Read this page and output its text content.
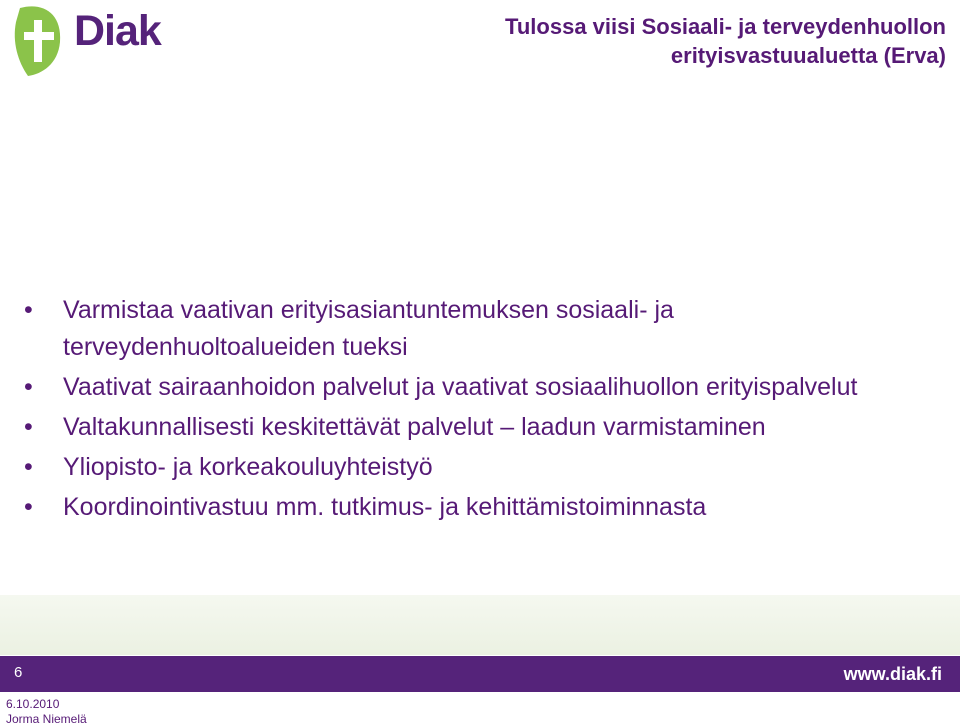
Diak	Tulossa viisi Sosiaali- ja terveydenhuollon
erityisvastuualuetta (Erva)
• Varmistaa vaativan erityisasiantuntemuksen sosiaali- ja terveydenhuoltoalueiden tueksi
• Vaativat sairaanhoidon palvelut ja vaativat sosiaalihuollon erityispalvelut
• Valtakunnallisesti keskitettävät palvelut – laadun varmistaminen
• Yliopisto- ja korkeakouluyhteistyö
• Koordinointivastuu mm. tutkimus- ja kehittämistoiminnasta
6	www.diak.fi
6.10.2010
Jorma Niemelä
